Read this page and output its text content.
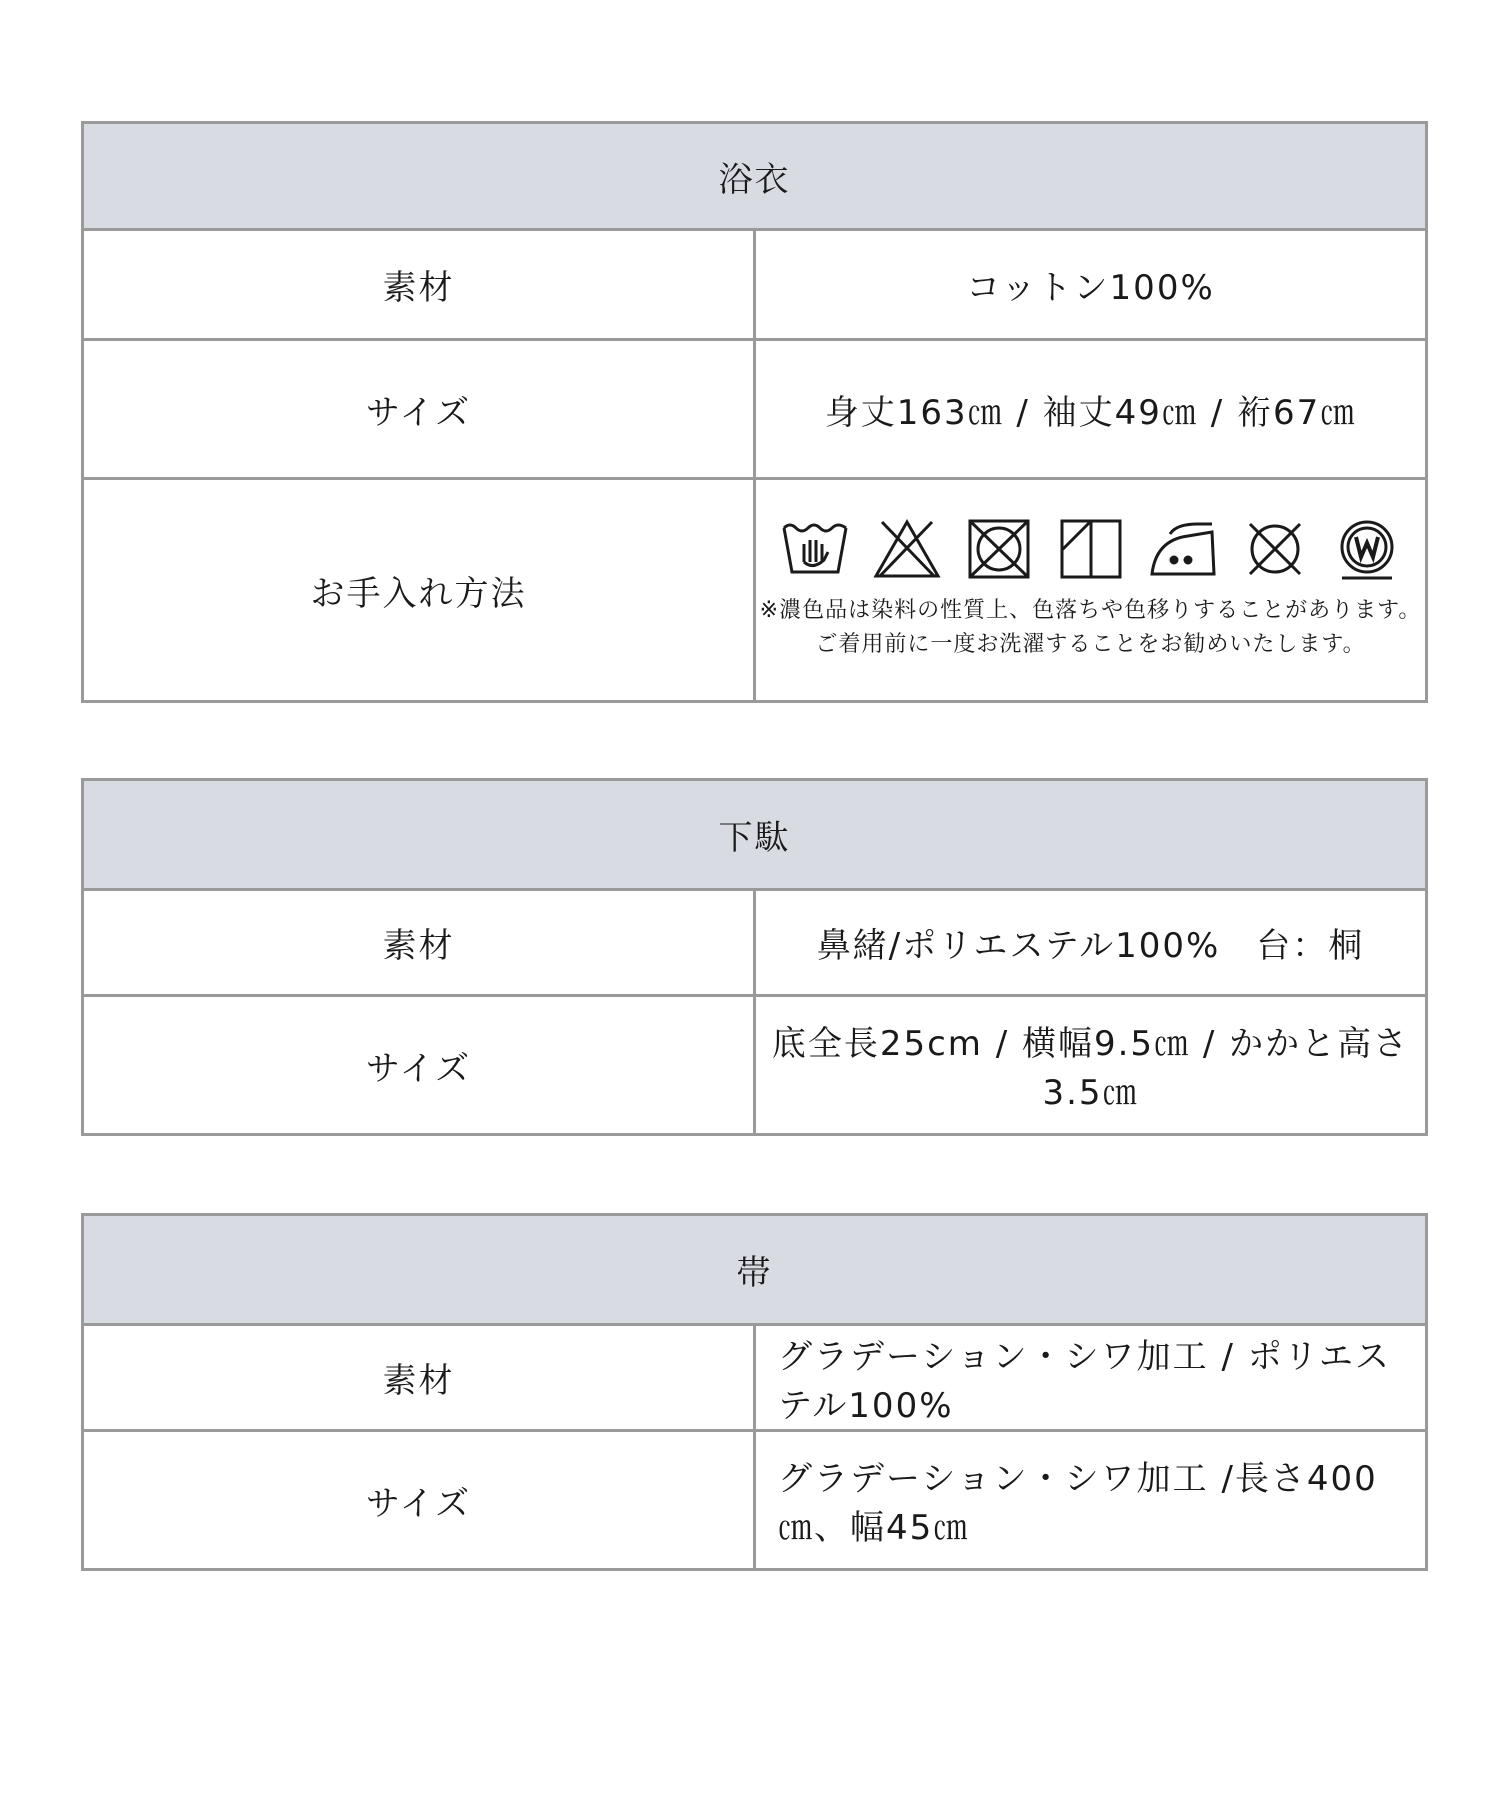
浴衣	
素材	コットン100%
サイズ	身丈163㎝ / 袖丈49㎝ / 裄67㎝
お手入れ方法	※濃色品は染料の性質上、色落ちや色移りすることがあります。
ご着用前に一度お洗濯することをお勧めいたします。
下駄	
素材	鼻緒/ポリエステル100%　台：桐
サイズ	底全長25cm / 横幅9.5㎝ / かかと高さ3.5㎝
帯	
素材	グラデーション・シワ加工 / ポリエステル100%
サイズ	グラデーション・シワ加工 /長さ400㎝、幅45㎝
